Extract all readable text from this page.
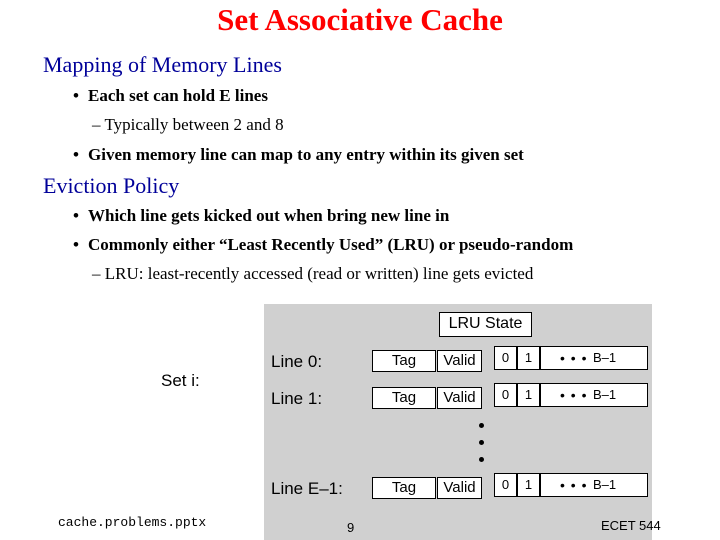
Set Associative Cache
Mapping of Memory Lines
• Each set can hold E lines
– Typically between 2 and 8
• Given memory line can map to any entry within its given set
Eviction Policy
• Which line gets kicked out when bring new line in
• Commonly either “Least Recently Used” (LRU) or pseudo-random
– LRU: least-recently accessed (read or written) line gets evicted
LRU State
Set i:
Line 0:	Tag	Valid	0	1	• • • B–1
Line 1:	Tag	Valid	0	1	• • • B–1
Line E–1:	Tag	Valid	0	1	• • • B–1
cache.problems.pptx	9	ECET 544
